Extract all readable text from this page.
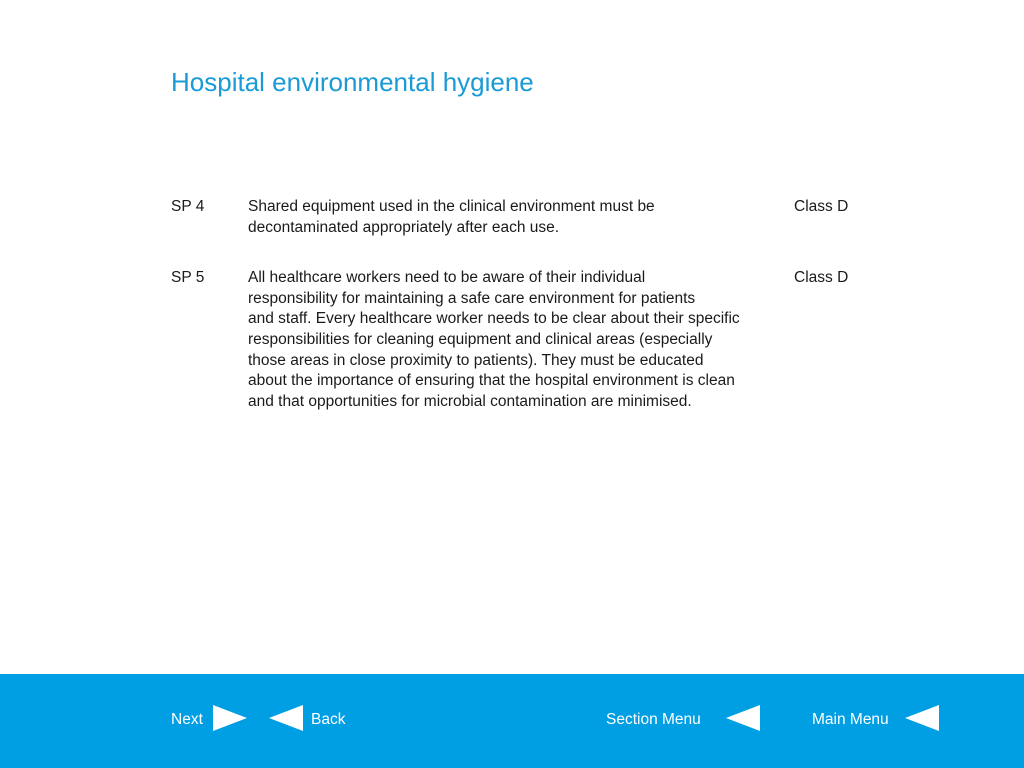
Hospital environmental hygiene
SP 4	Shared equipment used in the clinical environment must be
decontaminated appropriately after each use.
Class D
SP 5	All healthcare workers need to be aware of their individual
responsibility for maintaining a safe care environment for patients
and staff. Every healthcare worker needs to be clear about their specific
responsibilities for cleaning equipment and clinical areas (especially
those areas in close proximity to patients). They must be educated
about the importance of ensuring that the hospital environment is clean
and that opportunities for microbial contamination are minimised.
Class D
Next	Back	Section Menu	Main Menu
